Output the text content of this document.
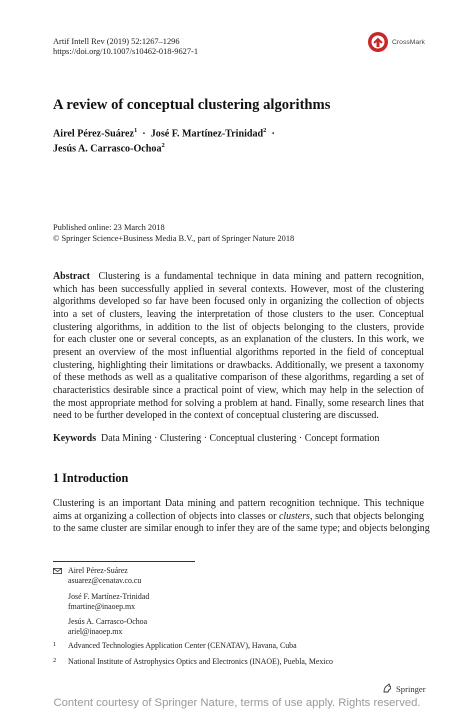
Artif Intell Rev (2019) 52:1267–1296
https://doi.org/10.1007/s10462-018-9627-1
CrossMark
A review of conceptual clustering algorithms
Airel Pérez-Suárez$^1$ · José F. Martínez-Trinidad$^2$ ·
Jesús A. Carrasco-Ochoa$^2$
Published online: 23 March 2018
© Springer Science+Business Media B.V., part of Springer Nature 2018
Abstract Clustering is a fundamental technique in data mining and pattern recognition,
which has been successfully applied in several contexts. However, most of the clustering
algorithms developed so far have been focused only in organizing the collection of objects
into a set of clusters, leaving the interpretation of those clusters to the user. Conceptual
clustering algorithms, in addition to the list of objects belonging to the clusters, provide
for each cluster one or several concepts, as an explanation of the clusters. In this work, we
present an overview of the most influential algorithms reported in the field of conceptual
clustering, highlighting their limitations or drawbacks. Additionally, we present a taxonomy
of these methods as well as a qualitative comparison of these algorithms, regarding a set of
characteristics desirable since a practical point of view, which may help in the selection of
the most appropriate method for solving a problem at hand. Finally, some research lines that
need to be further developed in the context of conceptual clustering are discussed.
Keywords Data Mining · Clustering · Conceptual clustering · Concept formation
1 Introduction
Clustering is an important Data mining and pattern recognition technique. This technique
aims at organizing a collection of objects into classes or clusters, such that objects belonging
to the same cluster are similar enough to infer they are of the same type; and objects belonging
Airel Pérez-Suárez
asuarez@cenatav.co.cu
José F. Martínez-Trinidad
fmartine@inaoep.mx
Jesús A. Carrasco-Ochoa
ariel@inaoep.mx
1 Advanced Technologies Application Center (CENATAV), Havana, Cuba
2 National Institute of Astrophysics Optics and Electronics (INAOE), Puebla, Mexico
Springer
Content courtesy of Springer Nature, terms of use apply. Rights reserved.
